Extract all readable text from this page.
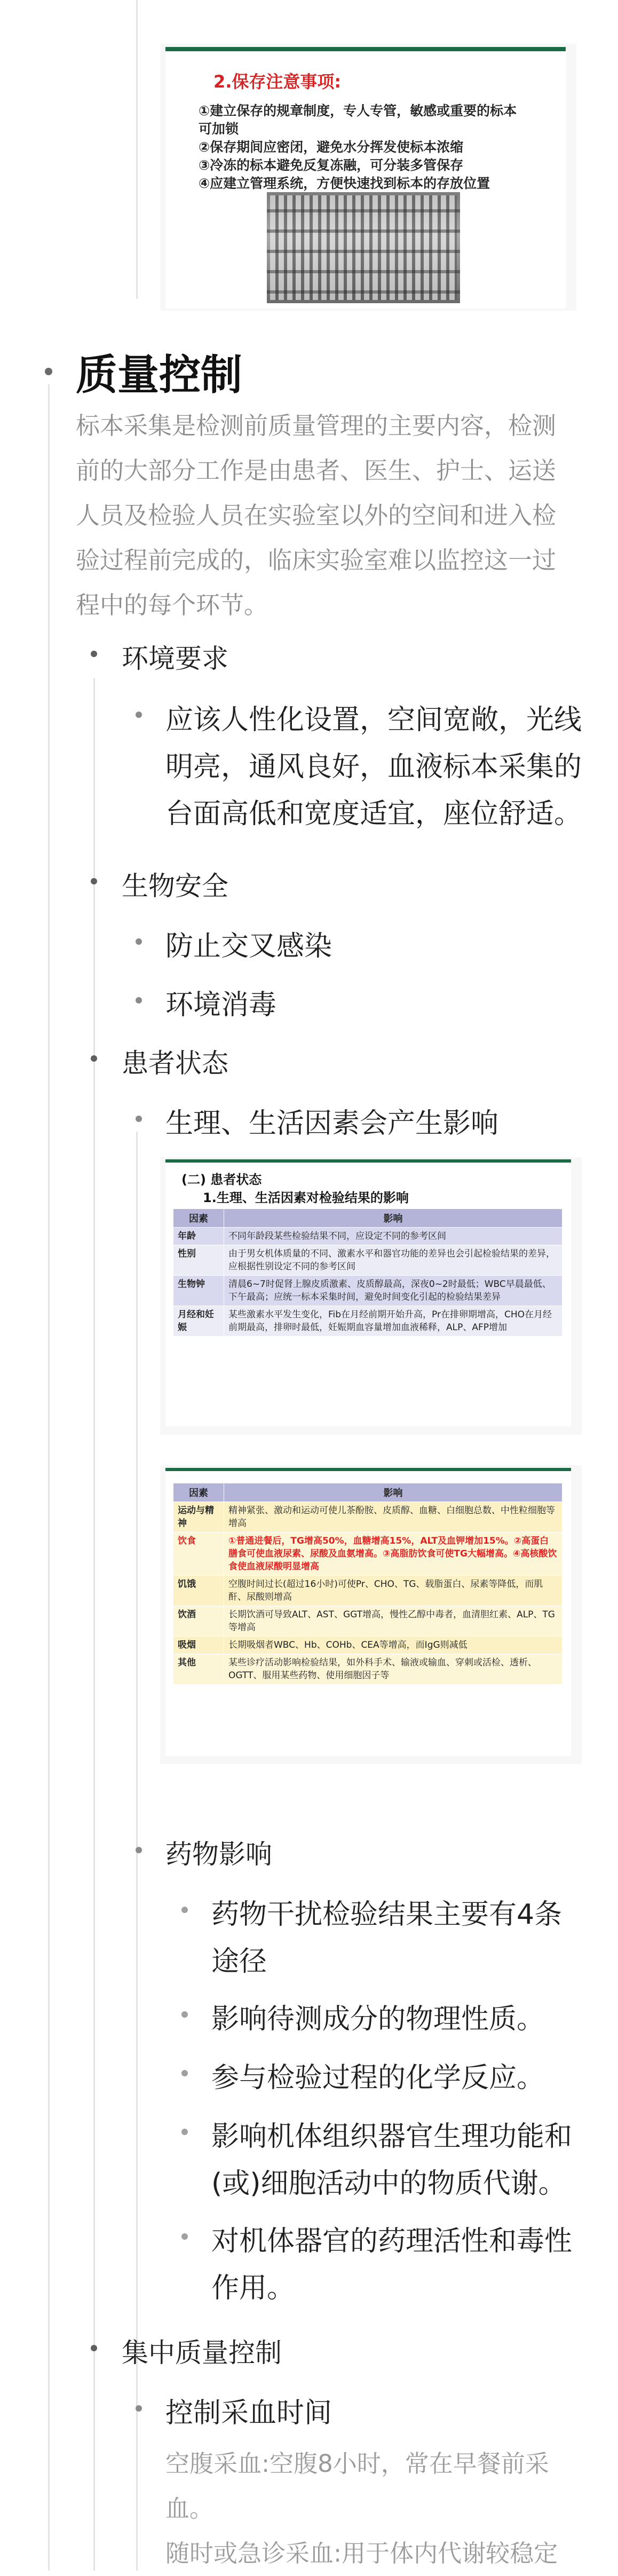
2.保存注意事项:
①建立保存的规章制度，专人专管，敏感或重要的标本
可加锁
②保存期间应密闭，避免水分挥发使标本浓缩
③冷冻的标本避免反复冻融，可分装多管保存
④应建立管理系统，方便快速找到标本的存放位置
质量控制
标本采集是检测前质量管理的主要内容，检测
前的大部分工作是由患者、医生、护士、运送
人员及检验人员在实验室以外的空间和进入检
验过程前完成的，临床实验室难以监控这一过
程中的每个环节。
环境要求
应该人性化设置，空间宽敞，光线
明亮，通风良好，血液标本采集的
台面高低和宽度适宜，座位舒适。
生物安全
防止交叉感染
环境消毒
患者状态
生理、生活因素会产生影响
(二) 患者状态
1.生理、生活因素对检验结果的影响
因素	影响
年龄	不同年龄段某些检验结果不同，应设定不同的参考区间
性别	由于男女机体质量的不同、激素水平和器官功能的差异也会引起检验结果的差异，应根据性别设定不同的参考区间
生物钟	清晨6~7时促肾上腺皮质激素、皮质醇最高，深夜0~2时最低；WBC早晨最低、下午最高；应统一标本采集时间，避免时间变化引起的检验结果差异
月经和妊娠	某些激素水平发生变化，Fib在月经前期开始升高，Pr在排卵期增高，CHO在月经前期最高，排卵时最低，妊娠期血容量增加血液稀释，ALP、AFP增加
因素	影响
运动与精神	精神紧张、激动和运动可使儿茶酚胺、皮质醇、血糖、白细胞总数、中性粒细胞等增高
饮食	①普通进餐后，TG增高50%，血糖增高15%，ALT及血钾增加15%。②高蛋白膳食可使血液尿素、尿酸及血氨增高。③高脂肪饮食可使TG大幅增高。④高核酸饮食使血液尿酸明显增高
饥饿	空腹时间过长(超过16小时)可使Pr、CHO、TG、载脂蛋白、尿素等降低，而肌酐、尿酸则增高
饮酒	长期饮酒可导致ALT、AST、GGT增高，慢性乙醇中毒者，血清胆红素、ALP、TG等增高
吸烟	长期吸烟者WBC、Hb、COHb、CEA等增高，而IgG则减低
其他	某些诊疗活动影响检验结果，如外科手术、输液或输血、穿刺或活检、透析、OGTT、服用某些药物、使用细胞因子等
药物影响
药物干扰检验结果主要有4条
途径
影响待测成分的物理性质。
参与检验过程的化学反应。
影响机体组织器官生理功能和
(或)细胞活动中的物质代谢。
对机体器官的药理活性和毒性
作用。
集中质量控制
控制采血时间
空腹采血:空腹8小时，常在早餐前采
血。
随时或急诊采血:用于体内代谢较稳定
